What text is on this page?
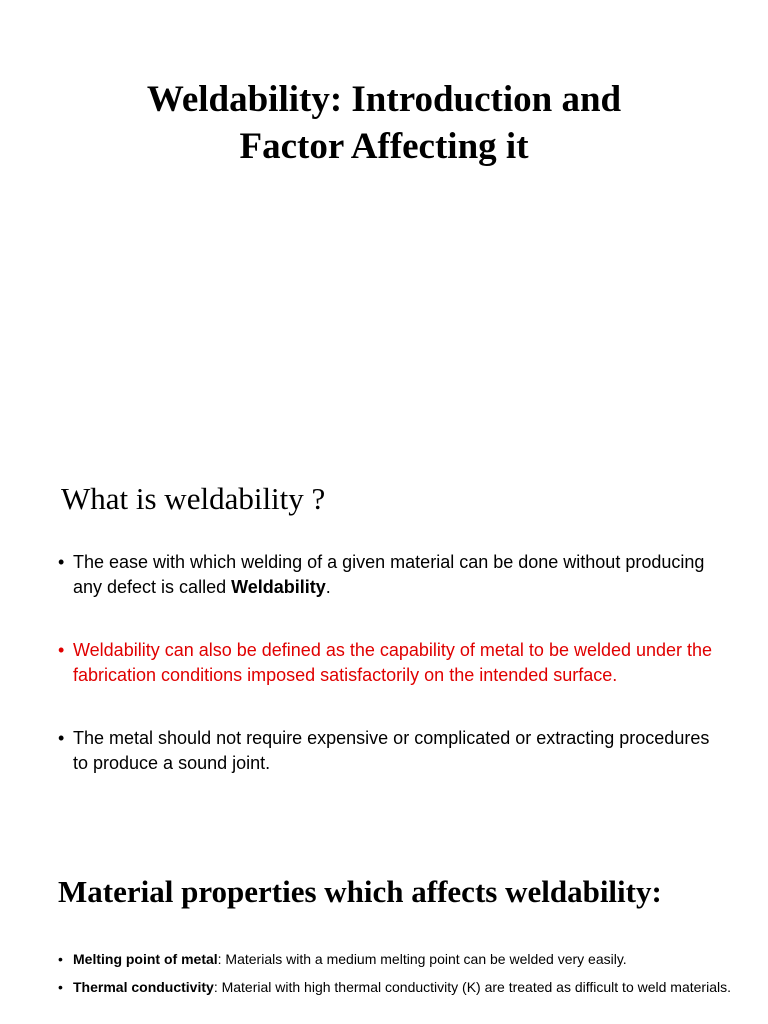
Weldability: Introduction and
Factor Affecting it
What is weldability ?
• The ease with which welding of a given material can be done without producing any defect is called Weldability.
• Weldability can also be defined as the capability of metal to be welded under the fabrication conditions imposed satisfactorily on the intended surface.
• The metal should not require expensive or complicated or extracting procedures to produce a sound joint.
Material properties which affects weldability:
• Melting point of metal: Materials with a medium melting point can be welded very easily.
• Thermal conductivity: Material with high thermal conductivity (K) are treated as difficult to weld materials.
